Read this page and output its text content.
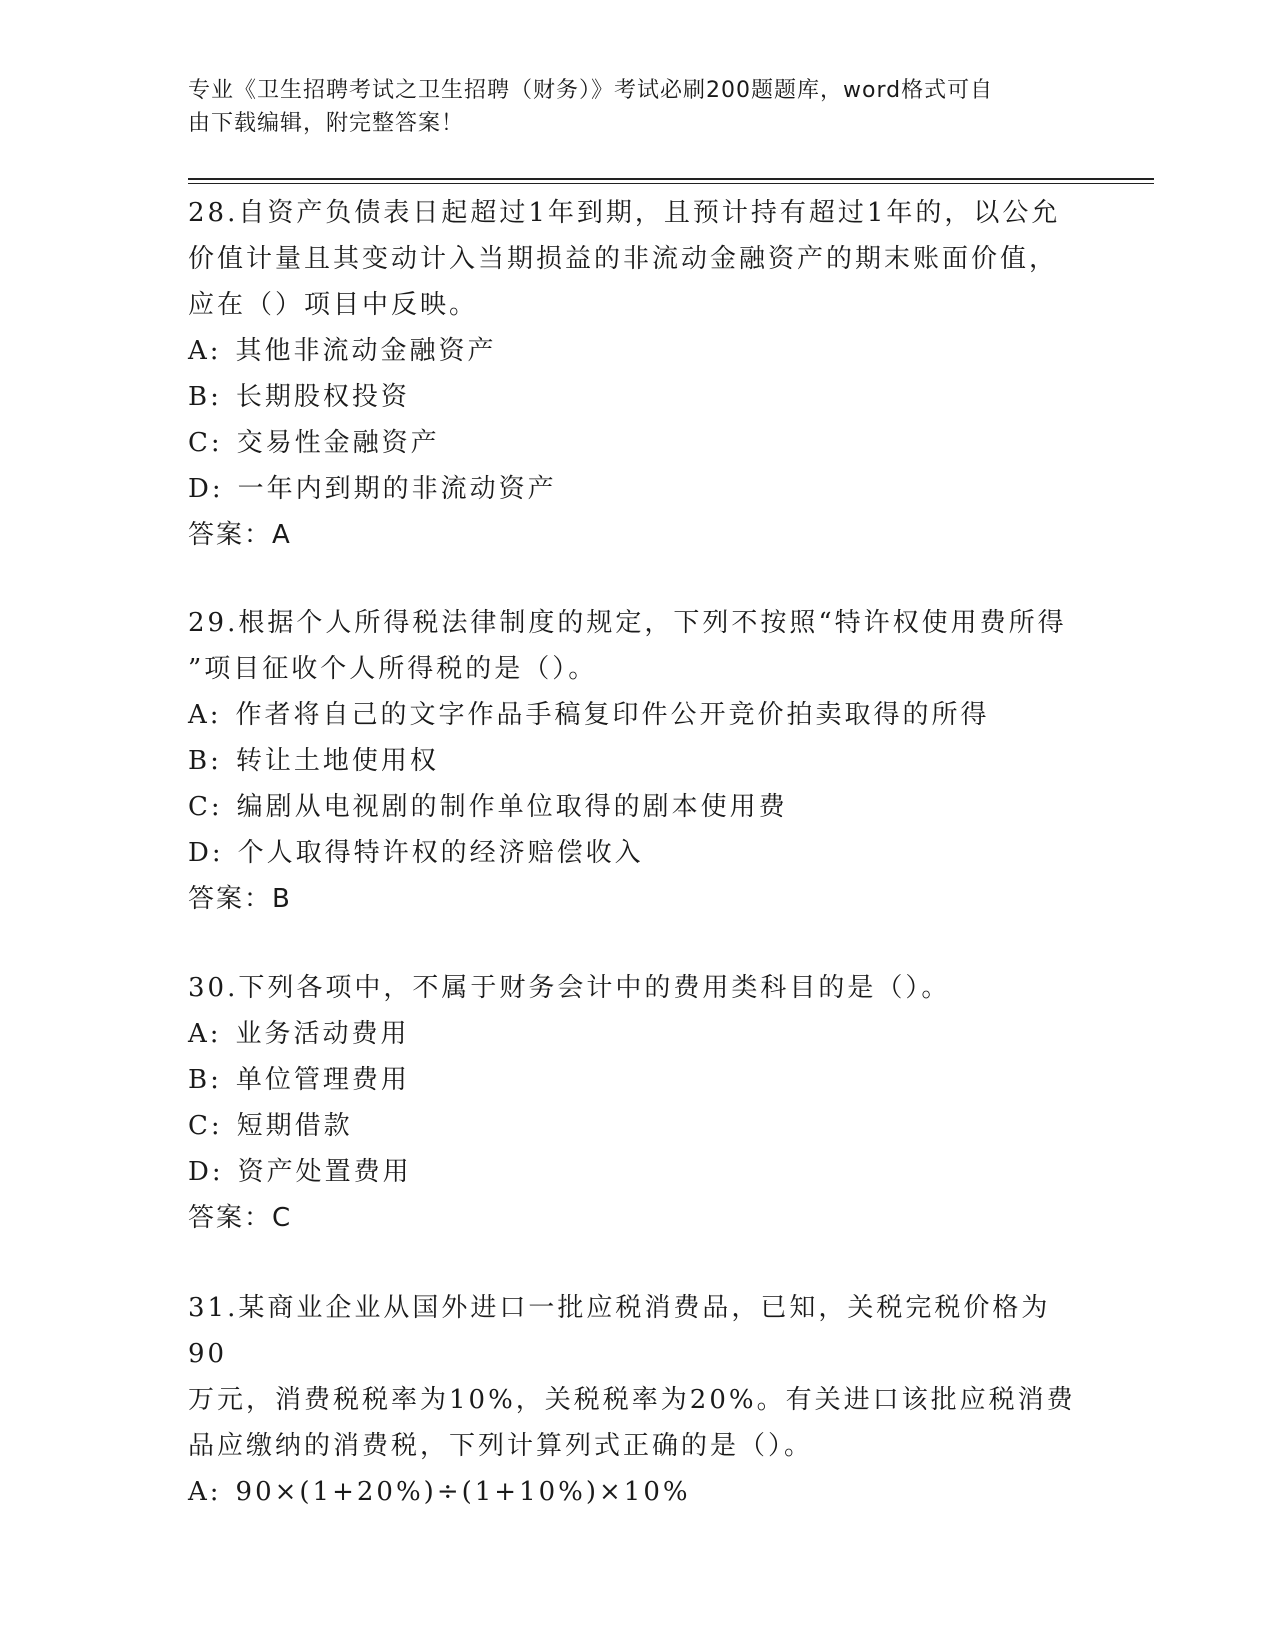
专业《卫生招聘考试之卫生招聘（财务）》考试必刷200题题库，word格式可自
由下载编辑，附完整答案！

28.自资产负债表日起超过1年到期，且预计持有超过1年的，以公允

价值计量且其变动计入当期损益的非流动金融资产的期末账面价值，

应在（）项目中反映。

A: 其他非流动金融资产

B: 长期股权投资

C: 交易性金融资产

D: 一年内到期的非流动资产

答案：A

29.根据个人所得税法律制度的规定，下列不按照“特许权使用费所得

”项目征收个人所得税的是（）。

A: 作者将自己的文字作品手稿复印件公开竞价拍卖取得的所得

B: 转让土地使用权

C: 编剧从电视剧的制作单位取得的剧本使用费

D: 个人取得特许权的经济赔偿收入

答案：B

30.下列各项中，不属于财务会计中的费用类科目的是（）。

A: 业务活动费用

B: 单位管理费用

C: 短期借款

D: 资产处置费用

答案：C

31.某商业企业从国外进口一批应税消费品，已知，关税完税价格为90

万元，消费税税率为10%，关税税率为20%。有关进口该批应税消费

品应缴纳的消费税，下列计算列式正确的是（）。

A: 90×(1+20%)÷(1+10%)×10%
